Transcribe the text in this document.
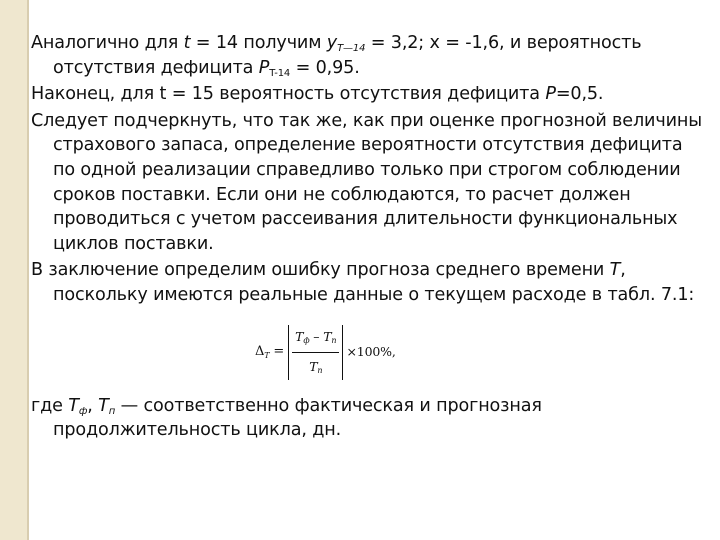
Аналогично для t = 14 получим $y_{T—14} = 3,2$; x = -1,6, и вероятность отсутствия дефицита $P_{T-14} = 0,95$.

Наконец, для t = 15 вероятность отсутствия дефицита P=0,5.

Следует подчеркнуть, что так же, как при оценке прогнозной величины страхового запаса, определение вероятности отсутствия дефицита по одной реализации справедливо только при строгом соблюдении сроков поставки. Если они не соблюдаются, то расчет должен проводиться с учетом рассеивания длительности функциональных циклов поставки.

В заключение определим ошибку прогноза среднего времени T, поскольку имеются реальные данные о текущем расходе в табл. 7.1:

$\Delta_T = \frac{T_ф - T_п}{T_п} \times 100\%$,

где $T_ф$, $T_п$ — соответственно фактическая и прогнозная продолжительность цикла, дн.
